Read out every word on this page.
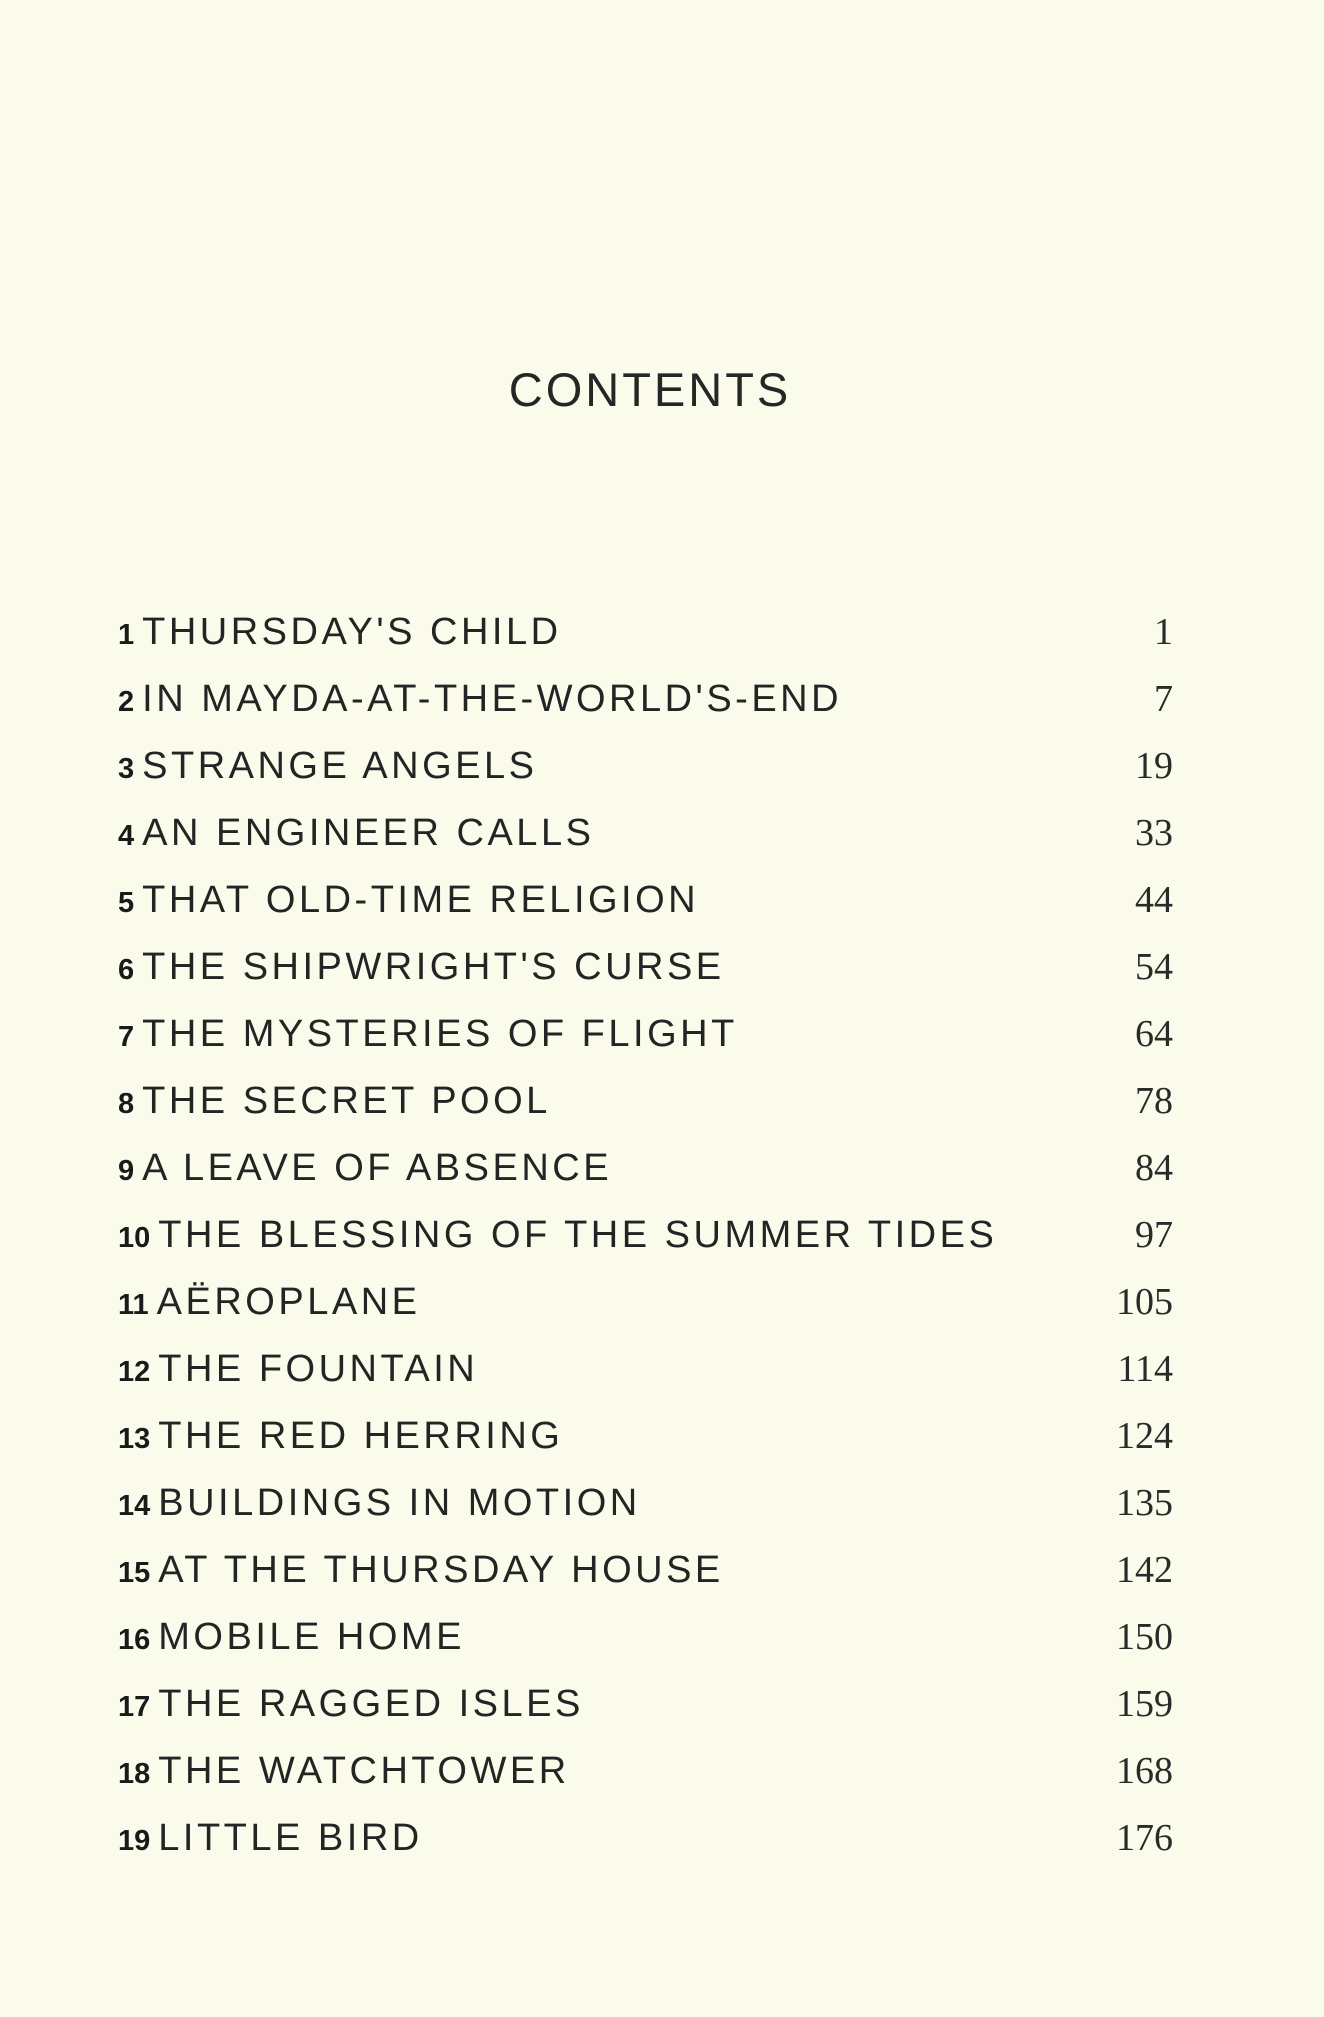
CONTENTS
1 THURSDAY'S CHILD	1
2 IN MAYDA-AT-THE-WORLD'S-END	7
3 STRANGE ANGELS	19
4 AN ENGINEER CALLS	33
5 THAT OLD-TIME RELIGION	44
6 THE SHIPWRIGHT'S CURSE	54
7 THE MYSTERIES OF FLIGHT	64
8 THE SECRET POOL	78
9 A LEAVE OF ABSENCE	84
10 THE BLESSING OF THE SUMMER TIDES	97
11 AËROPLANE	105
12 THE FOUNTAIN	114
13 THE RED HERRING	124
14 BUILDINGS IN MOTION	135
15 AT THE THURSDAY HOUSE	142
16 MOBILE HOME	150
17 THE RAGGED ISLES	159
18 THE WATCHTOWER	168
19 LITTLE BIRD	176
